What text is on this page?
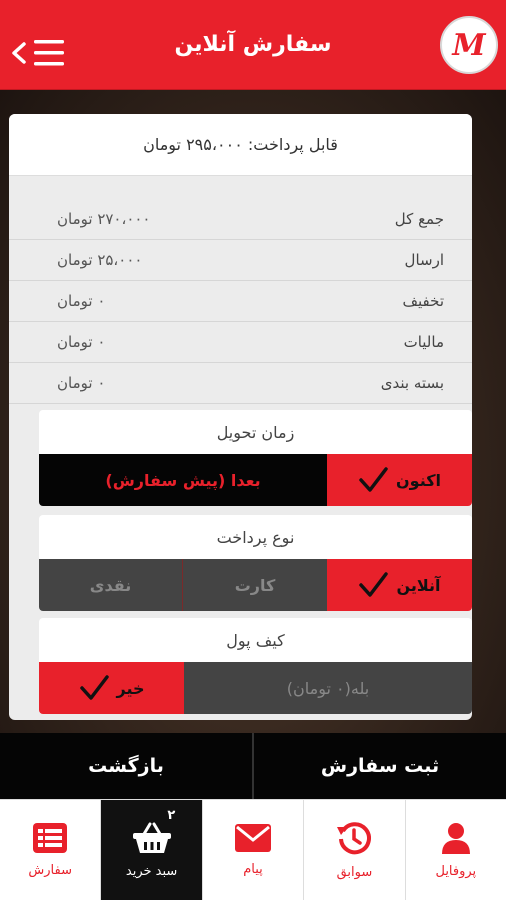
سفارش آنلاین	M
قابل پرداخت: ۲۹۵،۰۰۰ تومان
۲۷۰،۰۰۰ تومان	جمع کل
۲۵،۰۰۰ تومان	ارسال
۰ تومان	تخفیف
۰ تومان	مالیات
۰ تومان	بسته بندی
زمان تحویل
بعدا (پیش سفارش)	اکنون
نوع پرداخت
نقدی	کارت	آنلاین
کیف پول
خیر	بله(۰ تومان)
بازگشت	ثبت سفارش
سفارش
۲
سبد خرید	پیام	سوابق	پروفایل
